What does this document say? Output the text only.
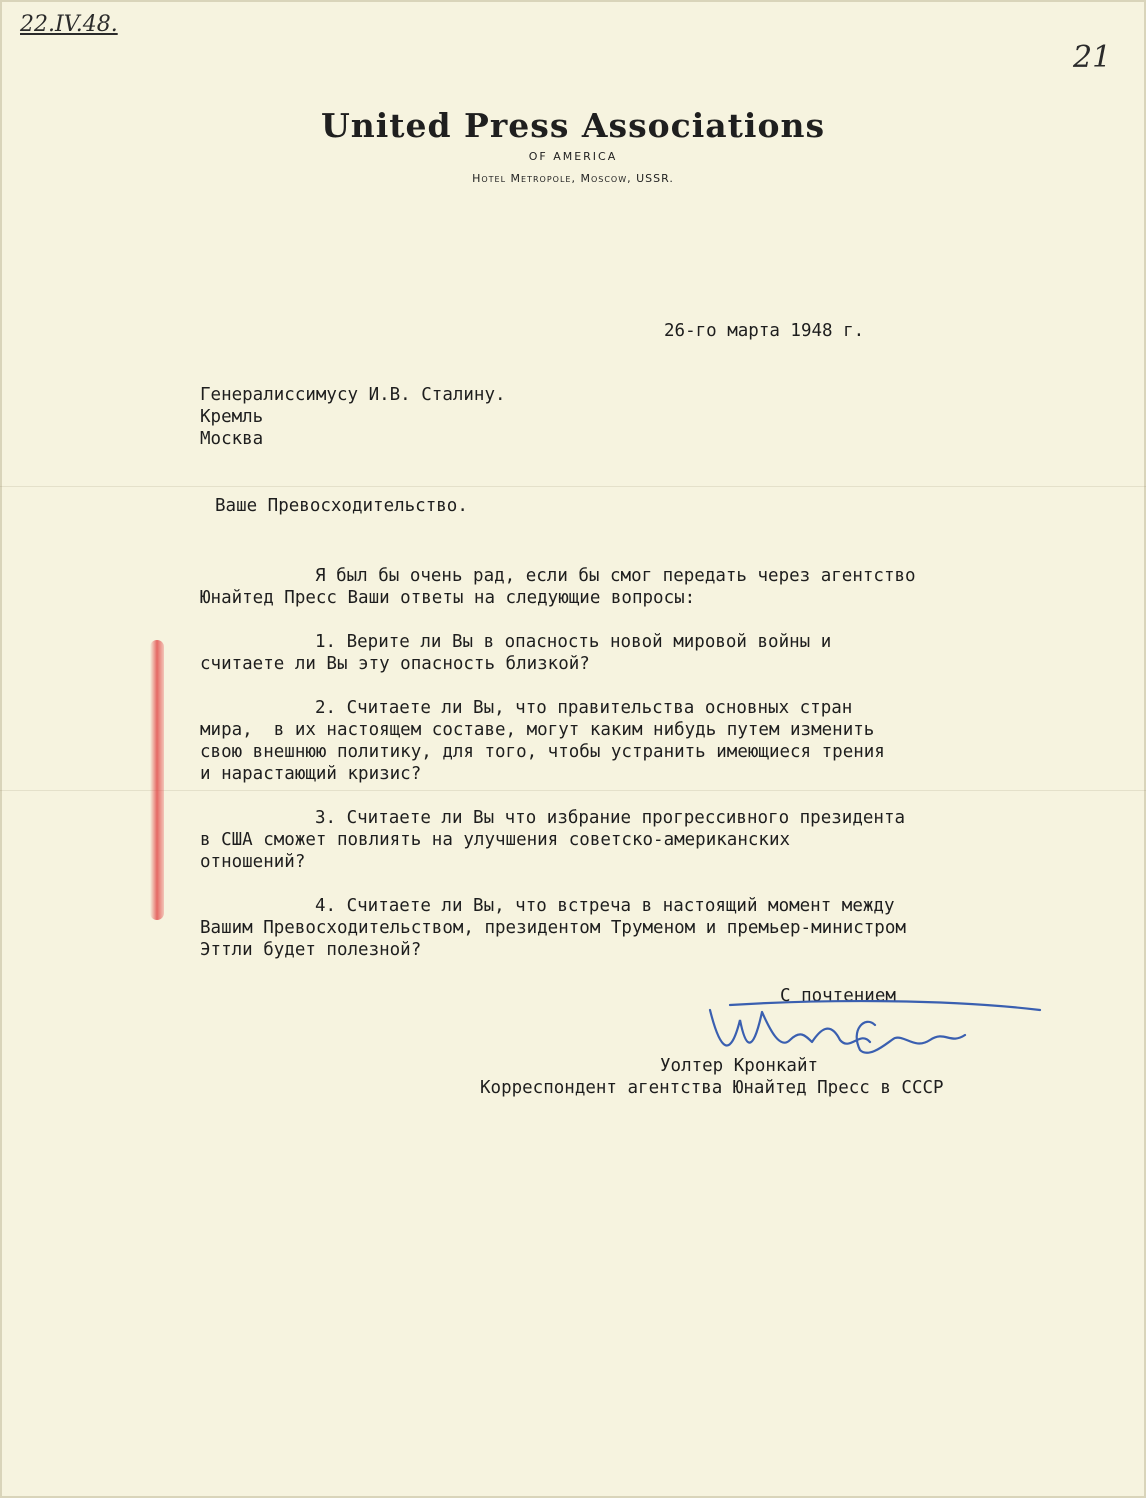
22.IV.48.
21
United Press Associations
OF AMERICA
Hotel Metropole, Moscow, USSR.
26-го марта 1948 г.
Генералиссимусу И.В. Сталину.
Кремль
Москва
Ваше Превосходительство.
Я был бы очень рад, если бы смог передать через агентство
Юнайтед Пресс Ваши ответы на следующие вопросы:
1. Верите ли Вы в опасность новой мировой войны и
считаете ли Вы эту опасность близкой?
2. Считаете ли Вы, что правительства основных стран
мира,  в их настоящем составе, могут каким нибудь путем изменить
свою внешнюю политику, для того, чтобы устранить имеющиеся трения
и нарастающий кризис?
3. Считаете ли Вы что избрание прогрессивного президента
в США сможет повлиять на улучшения советско-американских
отношений?
4. Считаете ли Вы, что встреча в настоящий момент между
Вашим Превосходительством, президентом Труменом и премьер-министром
Эттли будет полезной?
С почтением
Уолтер Кронкайт
Корреспондент агентства Юнайтед Пресс в СССР
